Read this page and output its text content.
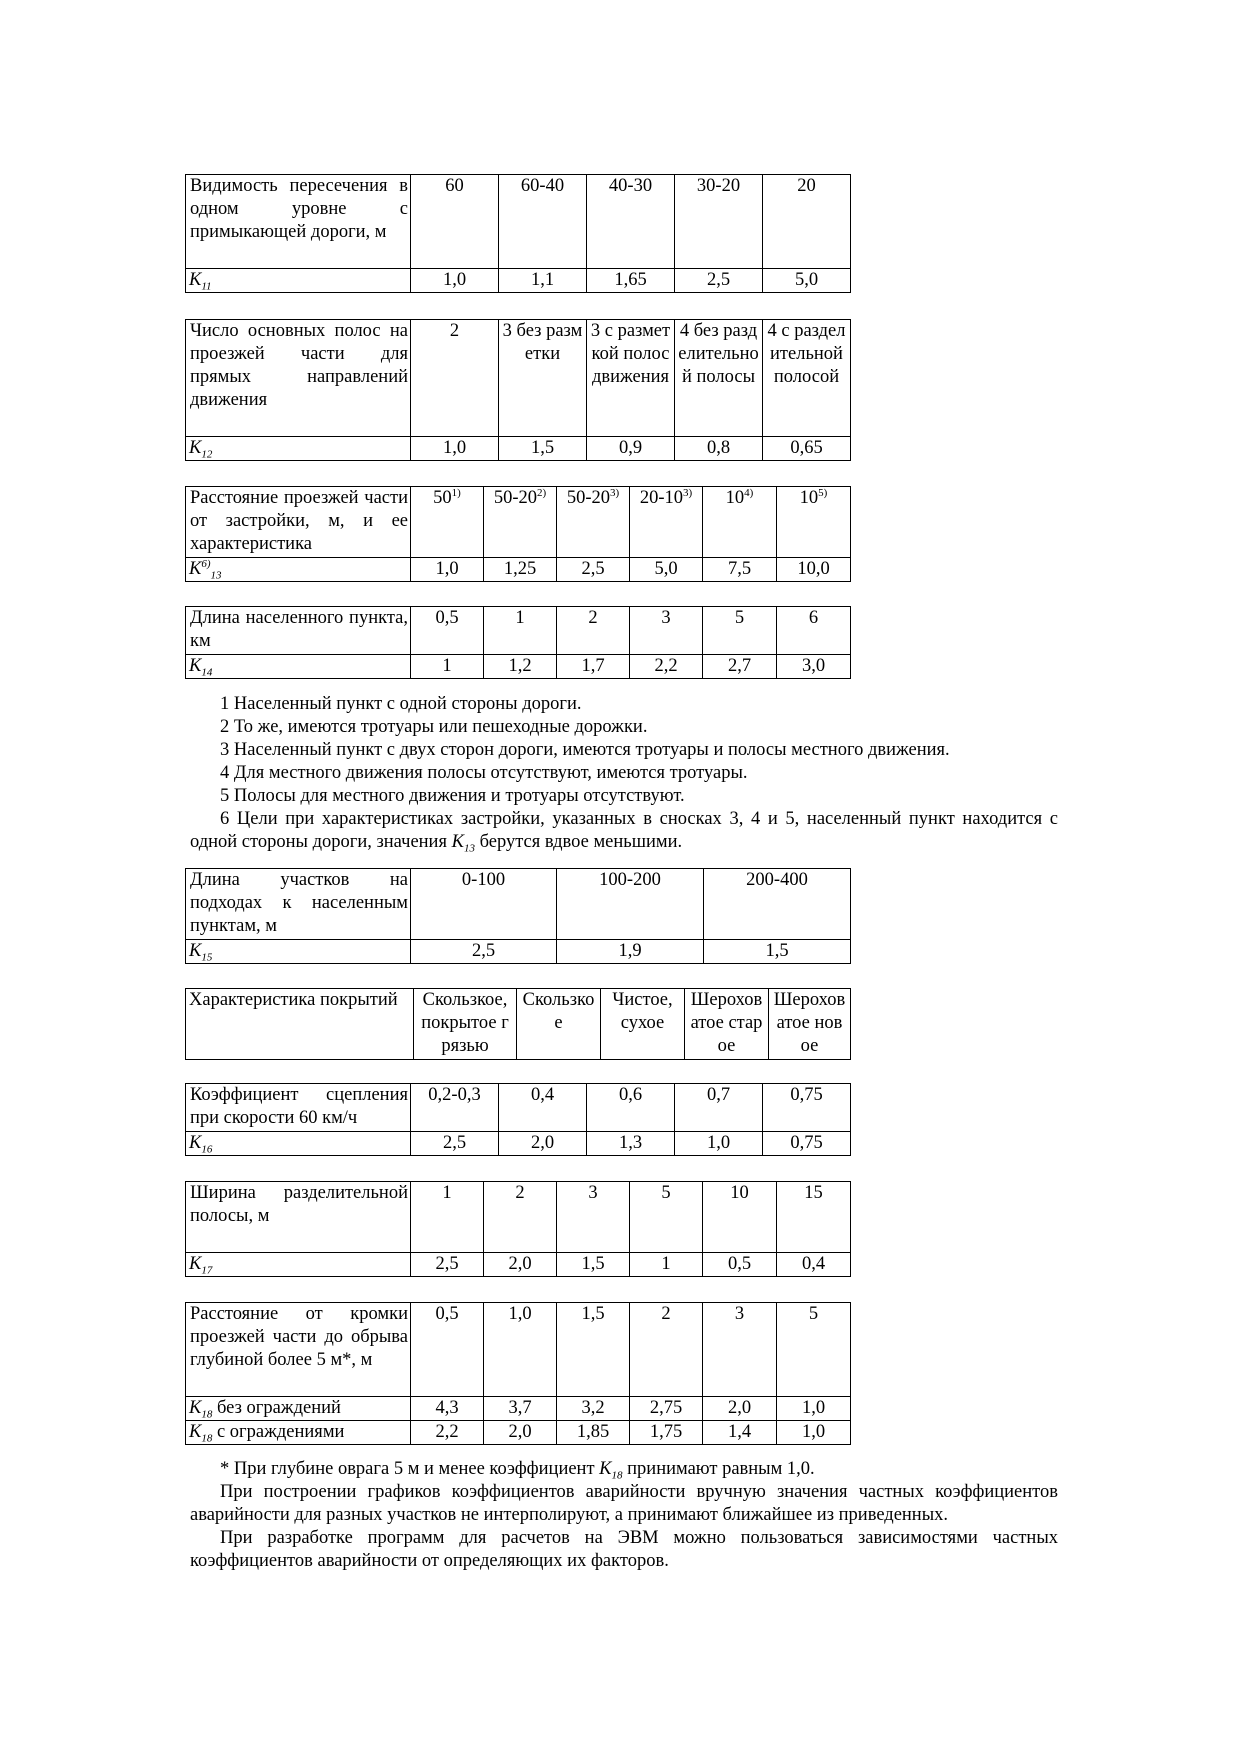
Видимость пересечения в одном уровне с примыкающей дороги, м	60	60-40	40-30	30-20	20
$K_{11}$	1,0	1,1	1,65	2,5	5,0
Число основных полос на проезжей части для прямых направлений движения	2	3 без разметки	3 с разметкой полос движения	4 без разделительной полосы	4 с разделительной полосой
$K_{12}$	1,0	1,5	0,9	0,8	0,65
Расстояние проезжей части от застройки, м, и ее характеристика	50$^{1)}$	50-20$^{2)}$	50-20$^{3)}$	20-10$^{3)}$	10$^{4)}$	10$^{5)}$
$K^{6)}_{13}$	1,0	1,25	2,5	5,0	7,5	10,0
Длина населенного пункта, км	0,5	1	2	3	5	6
$K_{14}$	1	1,2	1,7	2,2	2,7	3,0

1 Населенный пункт с одной стороны дороги.

2 То же, имеются тротуары или пешеходные дорожки.

3 Населенный пункт с двух сторон дороги, имеются тротуары и полосы местного движения.

4 Для местного движения полосы отсутствуют, имеются тротуары.

5 Полосы для местного движения и тротуары отсутствуют.

6 Цели при характеристиках застройки, указанных в сносках 3, 4 и 5, населенный пункт находится с одной стороны дороги, значения $K_{13}$ берутся вдвое меньшими.

Длина участков на подходах к населенным пунктам, м	0-100	100-200	200-400
$K_{15}$	2,5	1,9	1,5
Характеристика покрытий	Скользкое, покрытое грязью	Скользкое	Чистое, сухое	Шероховатое старое	Шероховатое новое
Коэффициент сцепления при скорости 60 км/ч	0,2-0,3	0,4	0,6	0,7	0,75
$K_{16}$	2,5	2,0	1,3	1,0	0,75
Ширина разделительной полосы, м	1	2	3	5	10	15
$K_{17}$	2,5	2,0	1,5	1	0,5	0,4
Расстояние от кромки проезжей части до обрыва глубиной более 5 м*, м	0,5	1,0	1,5	2	3	5
$K_{18}$ без ограждений	4,3	3,7	3,2	2,75	2,0	1,0
$K_{18}$ с ограждениями	2,2	2,0	1,85	1,75	1,4	1,0

* При глубине оврага 5 м и менее коэффициент $K_{18}$ принимают равным 1,0.

При построении графиков коэффициентов аварийности вручную значения частных коэффициентов аварийности для разных участков не интерполируют, а принимают ближайшее из приведенных.

При разработке программ для расчетов на ЭВМ можно пользоваться зависимостями частных коэффициентов аварийности от определяющих их факторов.
